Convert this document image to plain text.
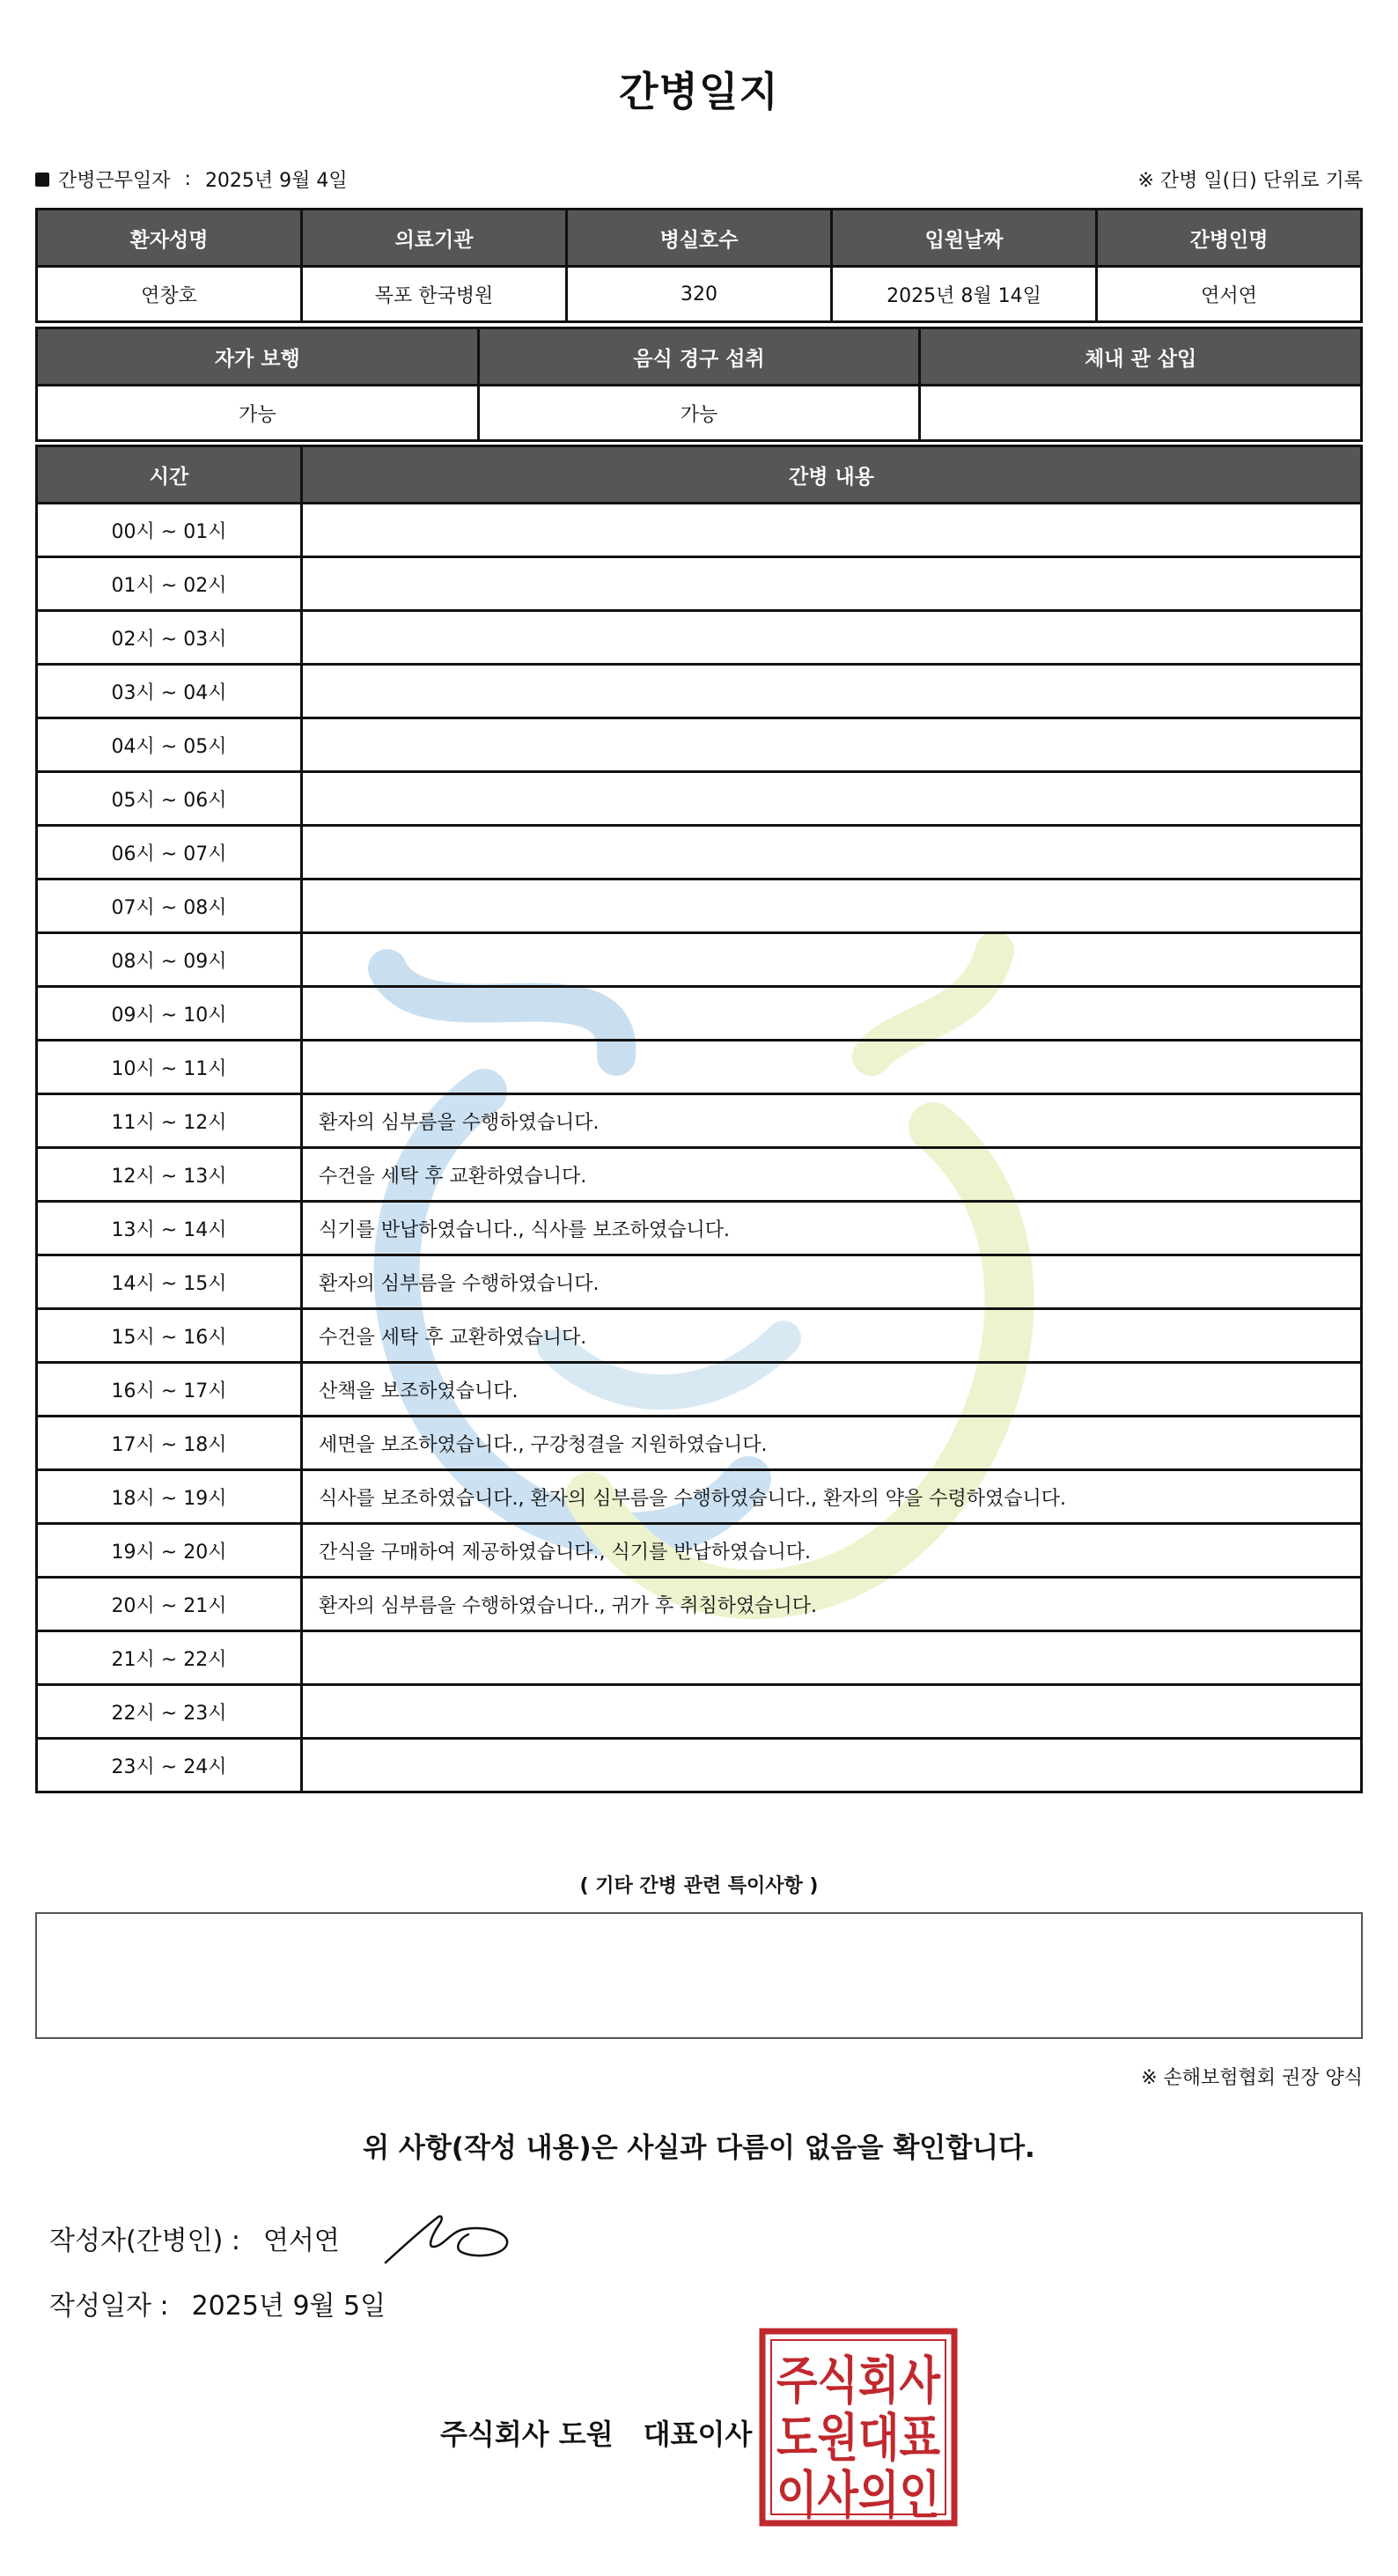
간병일지
간병근무일자 : 2025년 9월 4일	※ 간병 일(日) 단위로 기록
환자성명	의료기관	병실호수	입원날짜	간병인명
연창호	목포 한국병원	320	2025년 8월 14일	연서연
자가 보행	음식 경구 섭취	체내 관 삽입
가능	가능	
시간	간병 내용
00시 ~ 01시	
01시 ~ 02시	
02시 ~ 03시	
03시 ~ 04시	
04시 ~ 05시	
05시 ~ 06시	
06시 ~ 07시	
07시 ~ 08시	
08시 ~ 09시	
09시 ~ 10시	
10시 ~ 11시	
11시 ~ 12시	환자의 심부름을 수행하였습니다.
12시 ~ 13시	수건을 세탁 후 교환하였습니다.
13시 ~ 14시	식기를 반납하였습니다., 식사를 보조하였습니다.
14시 ~ 15시	환자의 심부름을 수행하였습니다.
15시 ~ 16시	수건을 세탁 후 교환하였습니다.
16시 ~ 17시	산책을 보조하였습니다.
17시 ~ 18시	세면을 보조하였습니다., 구강청결을 지원하였습니다.
18시 ~ 19시	식사를 보조하였습니다., 환자의 심부름을 수행하였습니다., 환자의 약을 수령하였습니다.
19시 ~ 20시	간식을 구매하여 제공하였습니다., 식기를 반납하였습니다.
20시 ~ 21시	환자의 심부름을 수행하였습니다., 귀가 후 취침하였습니다.
21시 ~ 22시	
22시 ~ 23시	
23시 ~ 24시	
( 기타 간병 관련 특이사항 )
※ 손해보험협회 권장 양식
위 사항(작성 내용)은 사실과 다름이 없음을 확인합니다.
작성자(간병인) : 연서연
작성일자 : 2025년 9월 5일
주식회사 도원 대표이사
주식회사
도원대표
이사의인
